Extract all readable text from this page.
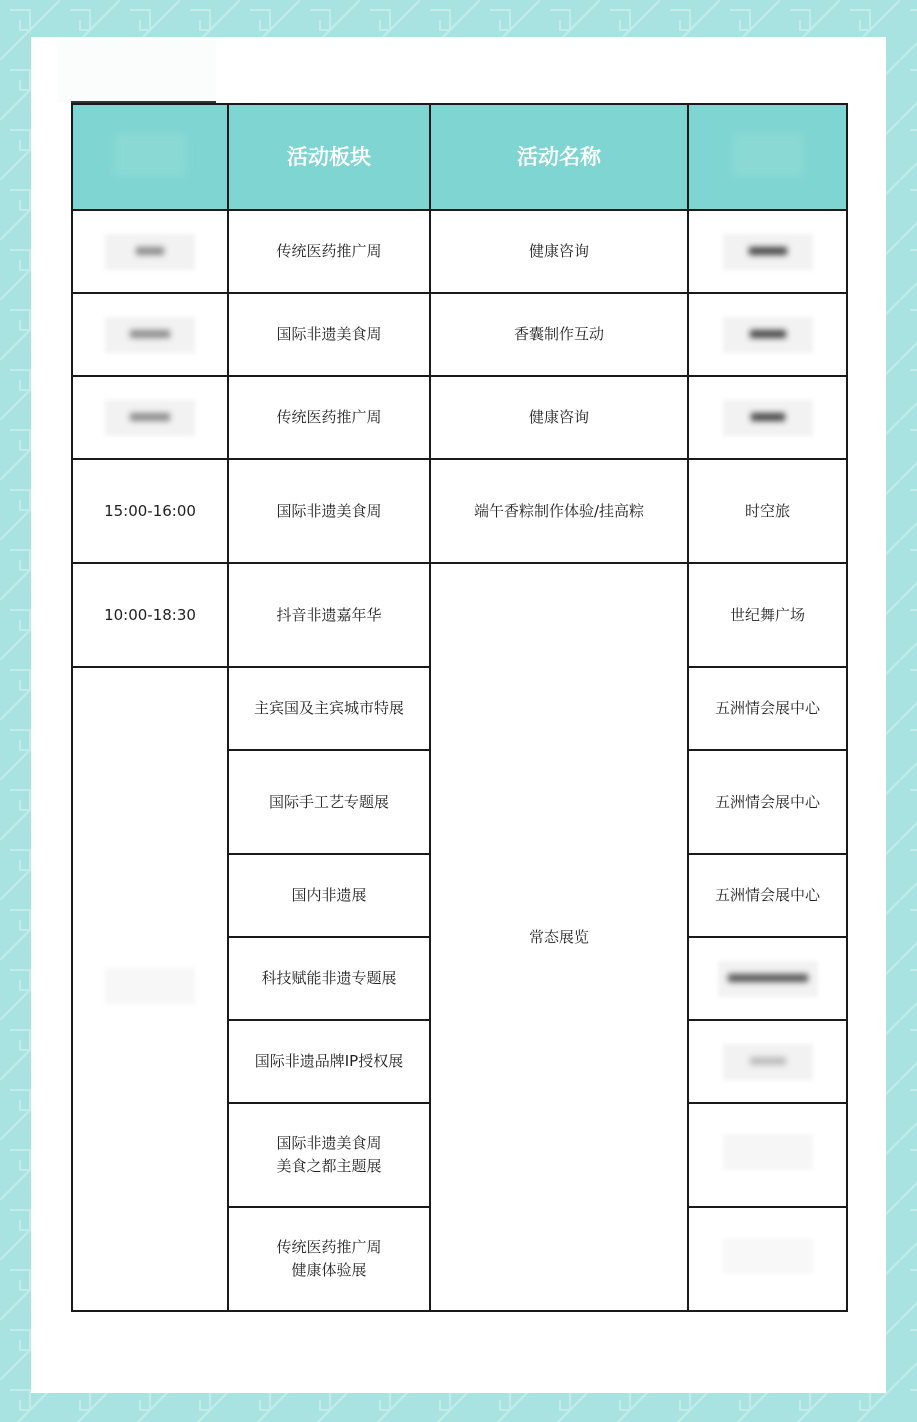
	活动板块	活动名称	
	传统医药推广周	健康咨询	
	国际非遗美食周	香囊制作互动	
	传统医药推广周	健康咨询	
15:00-16:00	国际非遗美食周	端午香粽制作体验/挂高粽	时空旅
10:00-18:30	抖音非遗嘉年华	常态展览	世纪舞广场
	主宾国及主宾城市特展		五洲情会展中心
	国际手工艺专题展		五洲情会展中心
	国内非遗展		五洲情会展中心
	科技赋能非遗专题展		
	国际非遗品牌IP授权展		

	国际非遗美食周
美食之都主题展		

	传统医药推广周
健康体验展		
